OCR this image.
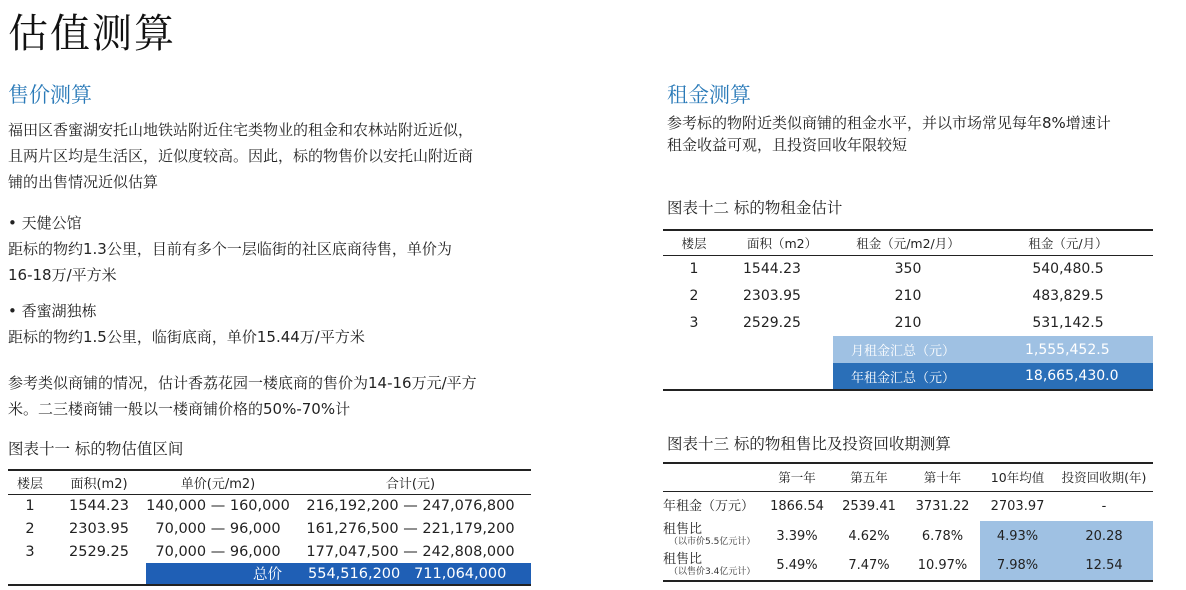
估值测算
售价测算
福田区香蜜湖安托山地铁站附近住宅类物业的租金和农林站附近近似，
且两片区均是生活区，近似度较高。因此，标的物售价以安托山附近商
铺的出售情况近似估算
• 天健公馆
距标的物约1.3公里，目前有多个一层临街的社区底商待售，单价为
16-18万/平方米
• 香蜜湖独栋
距标的物约1.5公里，临街底商，单价15.44万/平方米
参考类似商铺的情况，估计香荔花园一楼底商的售价为14-16万元/平方
米。二三楼商铺一般以一楼商铺价格的50%-70%计
图表十一 标的物估值区间
楼层	面积(m2)	单价(元/m2)	合计(元)
1	1544.23	140,000 — 160,000	216,192,200 — 247,076,800
2	2303.95	70,000 — 96,000	161,276,500 — 221,179,200
3	2529.25	70,000 — 96,000	177,047,500 — 242,808,000
		总价	554,516,200   711,064,000
租金测算
参考标的物附近类似商铺的租金水平，并以市场常见每年8%增速计
租金收益可观，且投资回收年限较短
图表十二 标的物租金估计
楼层	面积（m2）	租金（元/m2/月）	租金（元/月）
1	1544.23	350	540,480.5
2	2303.95	210	483,829.5
3	2529.25	210	531,142.5
		月租金汇总（元）	1,555,452.5
		年租金汇总（元）	18,665,430.0
图表十三 标的物租售比及投资回收期测算
	第一年	第五年	第十年	10年均值	投资回收期(年)
年租金（万元）	1866.54	2539.41	3731.22	2703.97	-
租售比
（以市价5.5亿元计）	3.39%	4.62%	6.78%	4.93%	20.28
租售比
（以售价3.4亿元计）	5.49%	7.47%	10.97%	7.98%	12.54
